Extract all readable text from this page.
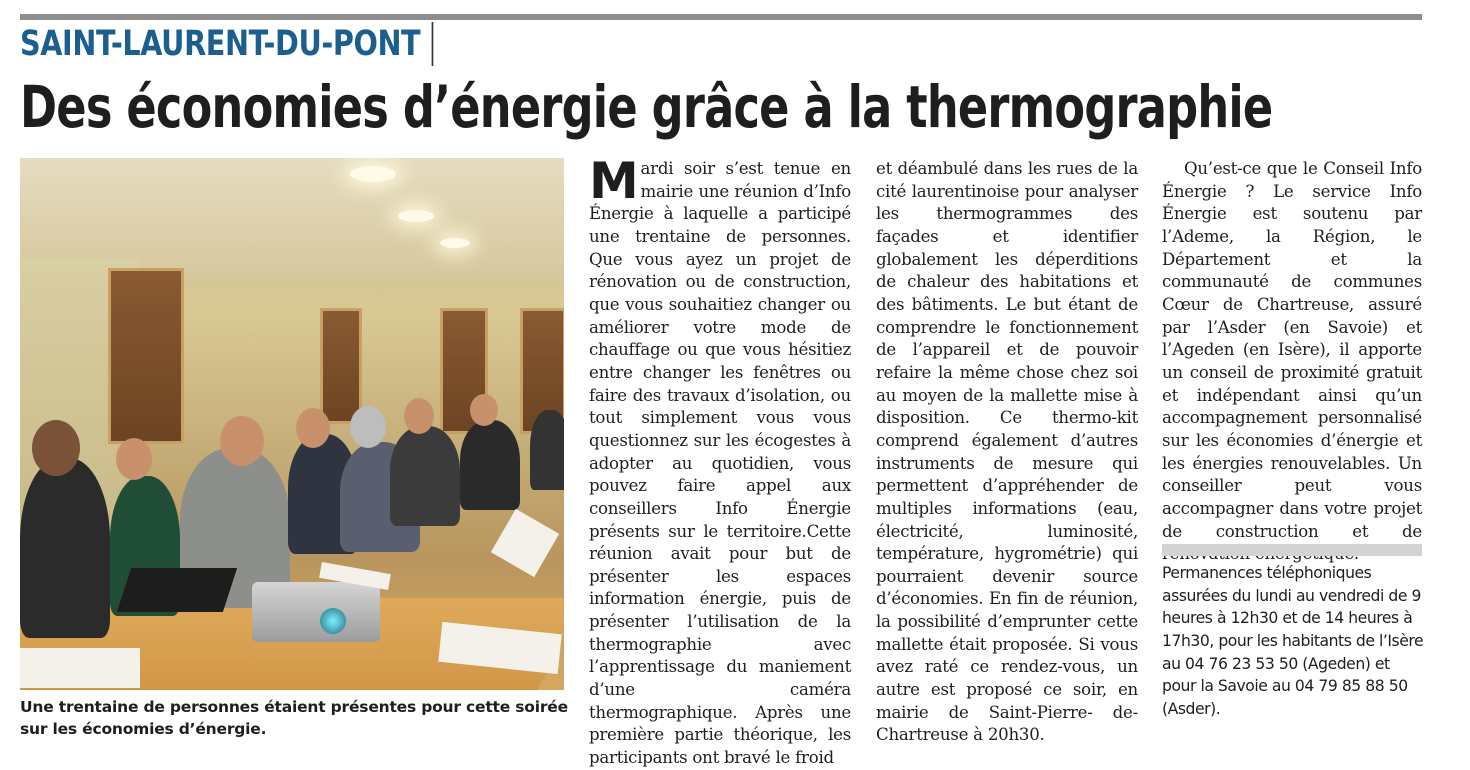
SAINT-LAURENT-DU-PONT
Des économies d’énergie grâce à la thermographie
Une trentaine de personnes étaient présentes pour cette soirée sur les économies d’énergie.

Mardi soir s’est tenue en mairie une réunion d’Info Énergie à laquelle a participé une trentaine de personnes. Que vous ayez un projet de rénovation ou de construction, que vous souhaitiez changer ou améliorer votre mode de chauffage ou que vous hésitiez entre changer les fenêtres ou faire des travaux d’isolation, ou tout simplement vous vous questionnez sur les écogestes à adopter au quotidien, vous pouvez faire appel aux conseillers Info Énergie présents sur le territoire.Cette réunion avait pour but de présenter les espaces information énergie, puis de présenter l’utilisation de la thermographie avec l’apprentissage du maniement d’une caméra thermographique. Après une première partie théorique, les participants ont bravé le froid

et déambulé dans les rues de la cité laurentinoise pour analyser les thermogrammes des façades et identifier globalement les déperditions de chaleur des habitations et des bâtiments. Le but étant de comprendre le fonctionnement de l’appareil et de pouvoir refaire la même chose chez soi au moyen de la mallette mise à disposition. Ce thermo-kit comprend également d’autres instruments de mesure qui permettent d’appréhender de multiples informations (eau, électricité, luminosité, température, hygrométrie) qui pourraient devenir source d’économies. En fin de réunion, la possibilité d’emprunter cette mallette était proposée. Si vous avez raté ce rendez-vous, un autre est proposé ce soir, en mairie de Saint-Pierre- de-Chartreuse à 20h30.

Qu’est-ce que le Conseil Info Énergie ? Le service Info Énergie est soutenu par l’Ademe, la Région, le Département et la communauté de communes Cœur de Chartreuse, assuré par l’Asder (en Savoie) et l’Ageden (en Isère), il apporte un conseil de proximité gratuit et indépendant ainsi qu’un accompagnement personnalisé sur les économies d’énergie et les énergies renouvelables. Un conseiller peut vous accompagner dans votre projet de construction et de

Permanences téléphoniques assurées du lundi au vendredi de 9 heures à 12h30 et de 14 heures à 17h30, pour les habitants de l’Isère au 04 76 23 53 50 (Ageden) et pour la Savoie au 04 79 85 88 50 (Asder).
